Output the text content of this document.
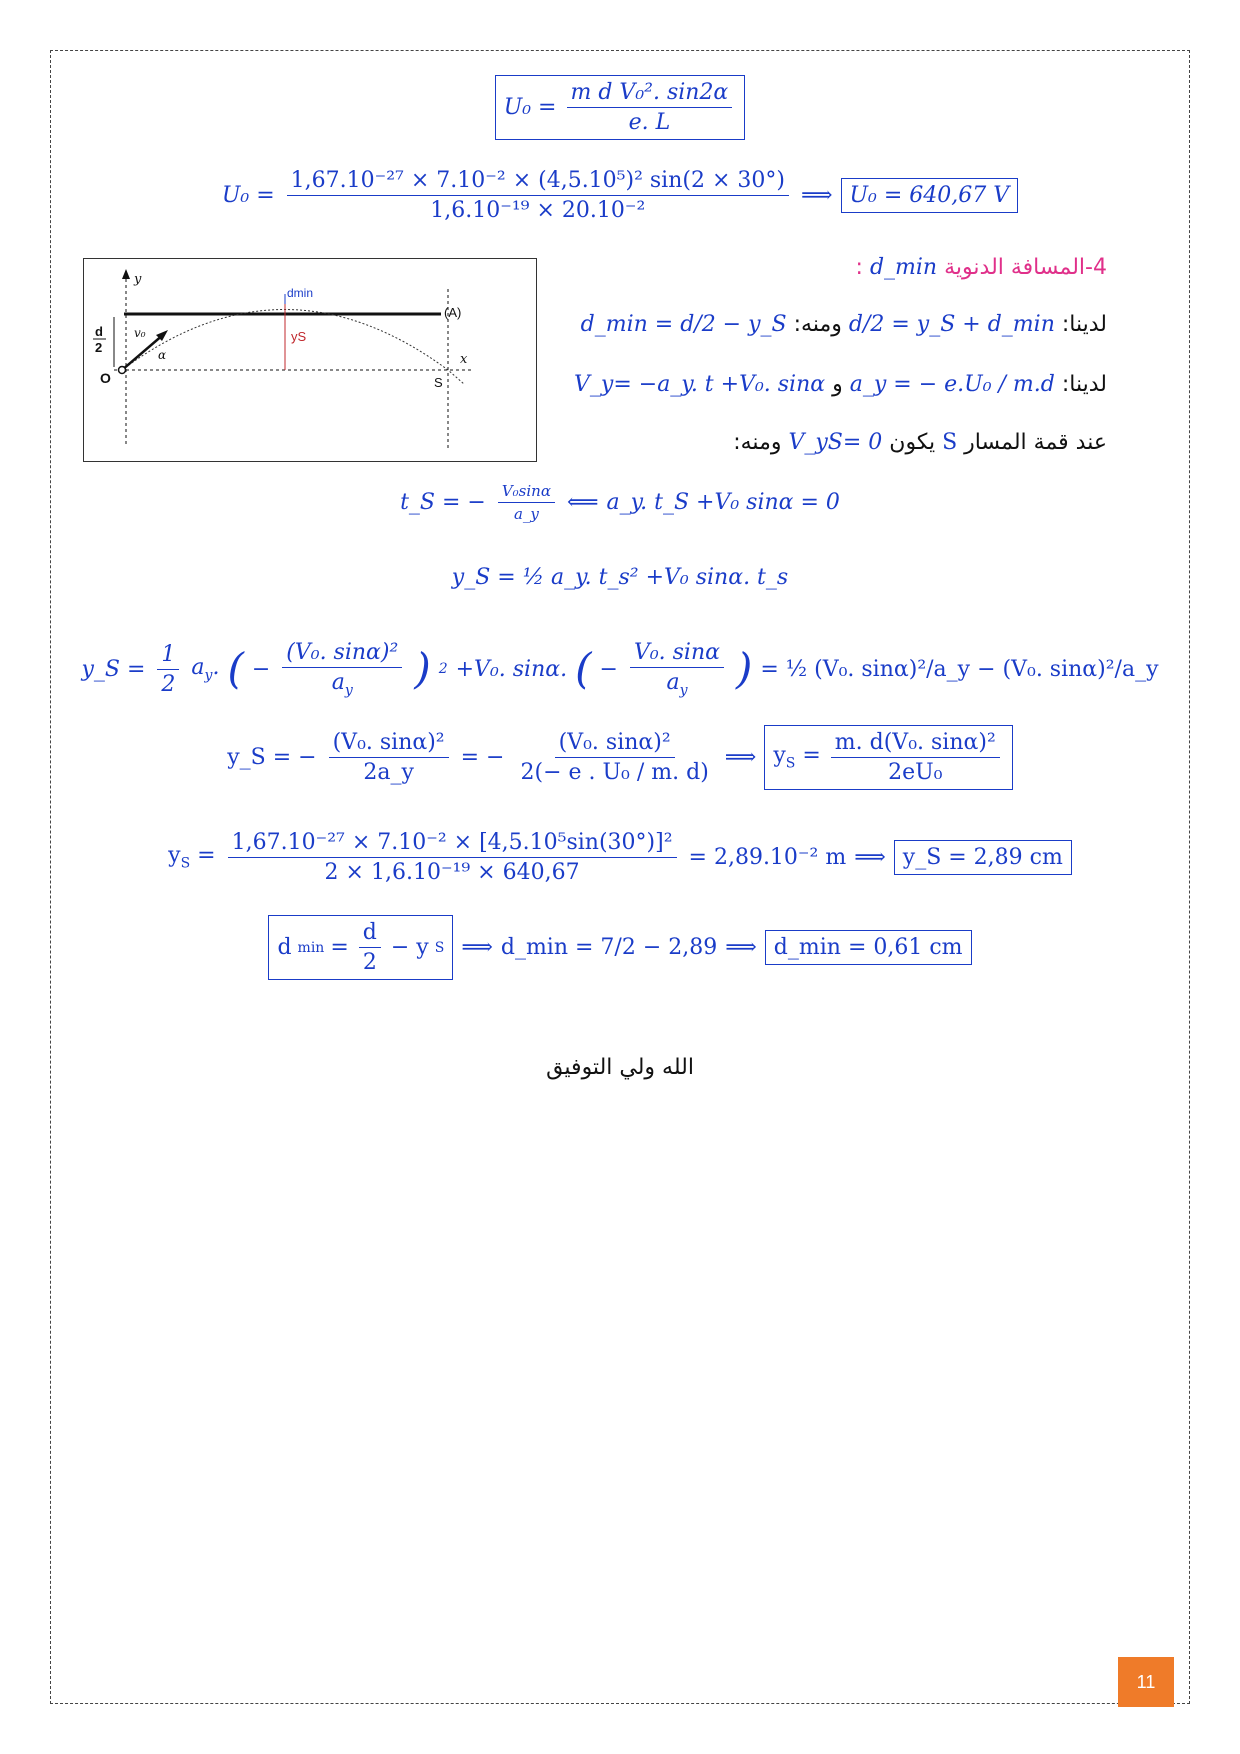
$U_0 = \frac{\text{m d V₀². sin2α}}{e. L}$
$U_0 = \frac{\text{1,67.10⁻²⁷ × 7.10⁻² × (4,5.10⁵)² sin(2 × 30°)}}{\text{1,6.10⁻¹⁹ × 20.10⁻²}}$ ⟹ U₀ = 640,67 V
(A)
y
x
d
2
v₀
α
dmin
yS
O	S
4-المسافة الدنوية d_min :
لدينا: d/2 = y_S + d_min ومنه: d_min = d/2 − y_S
لدينا: a_y = − e.U₀ / m.d و V_y= −a_y. t +V₀. sinα
عند قمة المسار S يكون V_yS= 0 ومنه:
t_S = − $\frac{\text{V₀sinα}}{a\_y}$ ⟸ a_y. t_S +V₀ sinα = 0
y_S = ½ a_y. t_s² +V₀ sinα. t_s
y_S = $\frac{1}{2} a_y$. ( − $\frac{\text{(V₀. sinα)²}}{a_y}$ ) 2 +V₀. sinα. ( − $\frac{\text{V₀. sinα}}{a_y}$ ) = ½ (V₀. sinα)²/a_y − (V₀. sinα)²/a_y
y_S = − $\frac{\text{(V₀. sinα)²}}{2a\_y}$ = − $\frac{\text{(V₀. sinα)²}}{\text{2(− e . U₀ / m. d)}}$ ⟹ $y_S = \frac{\text{m. d(V₀. sinα)²}}{\text{2eU₀}}$
$y_S = \frac{\text{1,67.10⁻²⁷ × 7.10⁻² × [4,5.10⁵sin(30°)]²}}{\text{2 × 1,6.10⁻¹⁹ × 640,67}} = 2,89.10^{-2}$ m ⟹ y_S = 2,89 cm
d $\min = \frac{d}{2} - y$ S ⟹ d_min = 7/2 − 2,89 ⟹ d_min = 0,61 cm
الله ولي التوفيق
11
